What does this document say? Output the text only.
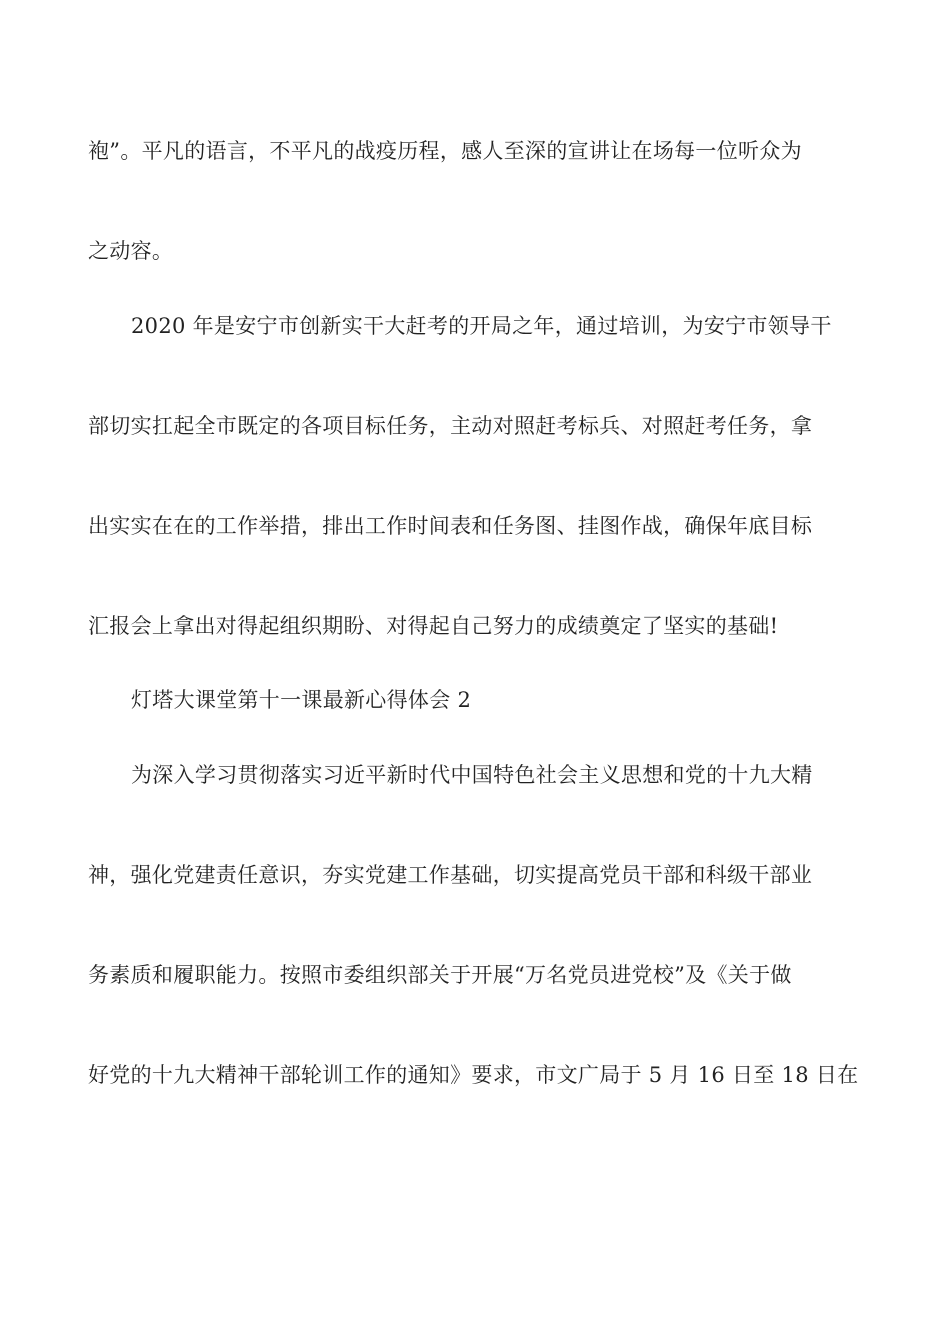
袍”。平凡的语言，不平凡的战疫历程，感人至深的宣讲让在场每一位听众为
之动容。
2020 年是安宁市创新实干大赶考的开局之年，通过培训，为安宁市领导干
部切实扛起全市既定的各项目标任务，主动对照赶考标兵、对照赶考任务，拿
出实实在在的工作举措，排出工作时间表和任务图、挂图作战，确保年底目标
汇报会上拿出对得起组织期盼、对得起自己努力的成绩奠定了坚实的基础!
灯塔大课堂第十一课最新心得体会 2
为深入学习贯彻落实习近平新时代中国特色社会主义思想和党的十九大精
神，强化党建责任意识，夯实党建工作基础，切实提高党员干部和科级干部业
务素质和履职能力。按照市委组织部关于开展“万名党员进党校”及《关于做
好党的十九大精神干部轮训工作的通知》要求，市文广局于 5 月 16 日至 18 日在
